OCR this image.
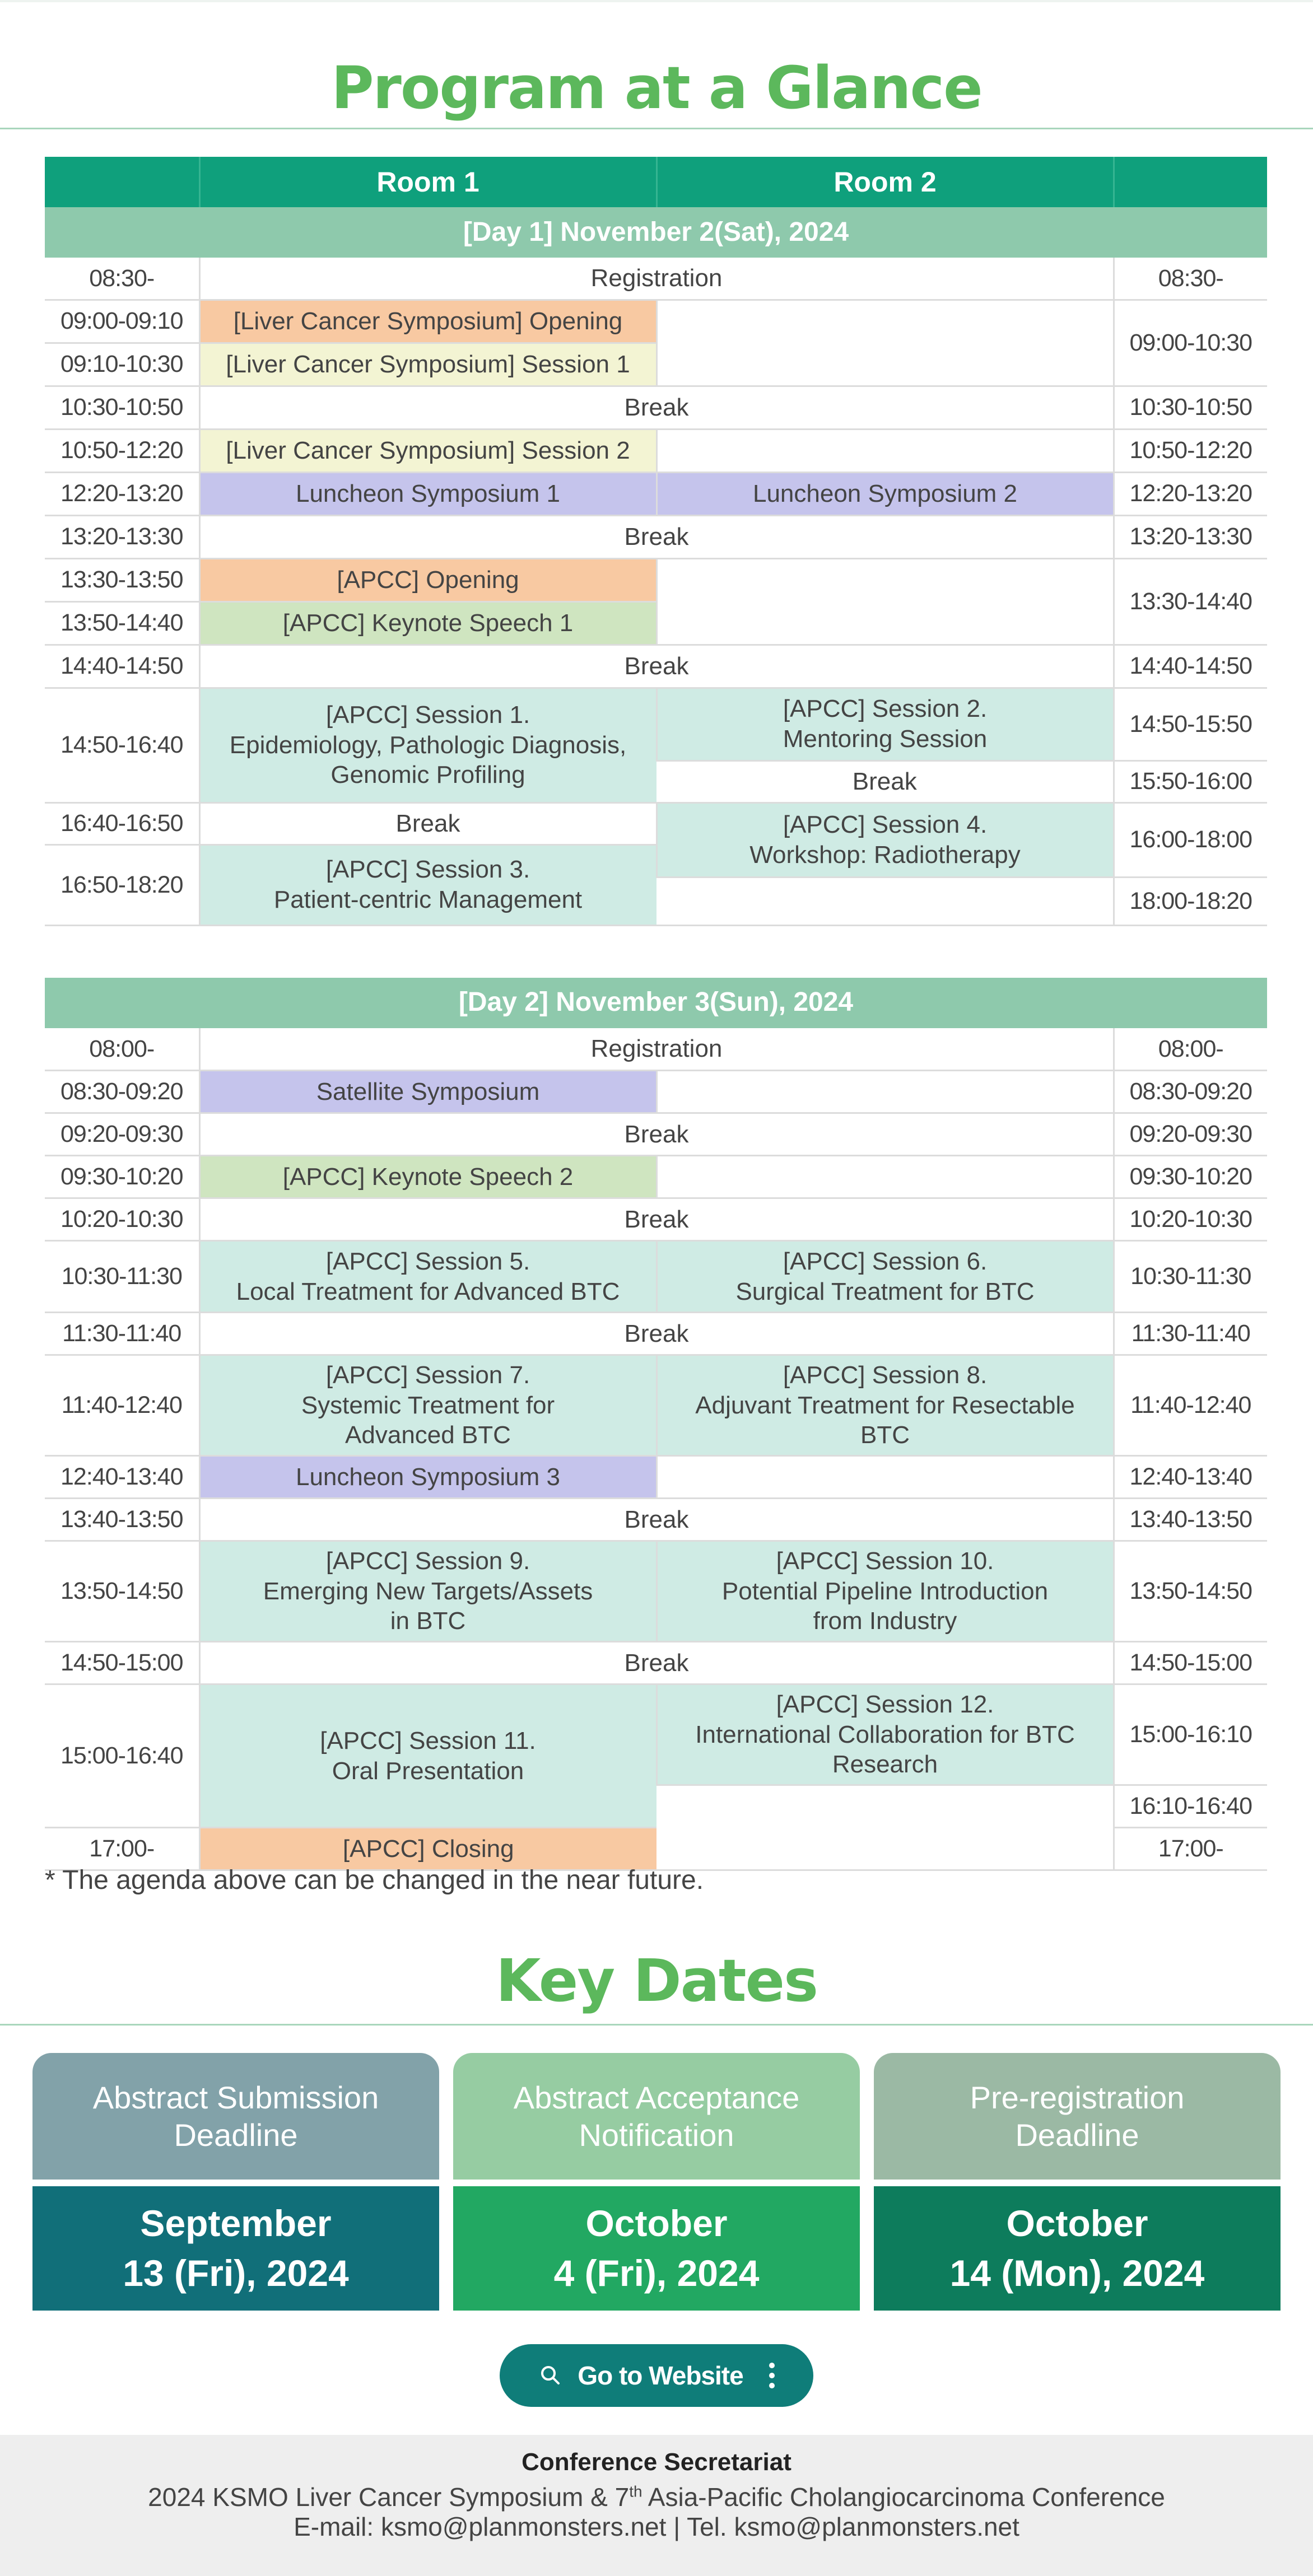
Program at a Glance
	Room 1	Room 2	
[Day 1] November 2(Sat), 2024			
08:30-	Registration		08:30-
09:00-09:10	[Liver Cancer Symposium] Opening		09:00-10:30
09:10-10:30	[Liver Cancer Symposium] Session 1		
10:30-10:50	Break		10:30-10:50
10:50-12:20	[Liver Cancer Symposium] Session 2		10:50-12:20
12:20-13:20	Luncheon Symposium 1	Luncheon Symposium 2	12:20-13:20
13:20-13:30	Break		13:20-13:30
13:30-13:50	[APCC] Opening		13:30-14:40
13:50-14:40	[APCC] Keynote Speech 1		
14:40-14:50	Break		14:40-14:50
14:50-16:40	[APCC] Session 1.
Epidemiology, Pathologic Diagnosis,
Genomic Profiling	[APCC] Session 2.
Mentoring Session	14:50-15:50
		Break	15:50-16:00
16:40-16:50	Break	[APCC] Session 4.
Workshop: Radiotherapy	16:00-18:00
16:50-18:20	[APCC] Session 3.
Patient-centric Management		
			18:00-18:20

[Day 2] November 3(Sun), 2024			
08:00-	Registration		08:00-
08:30-09:20	Satellite Symposium		08:30-09:20
09:20-09:30	Break		09:20-09:30
09:30-10:20	[APCC] Keynote Speech 2		09:30-10:20
10:20-10:30	Break		10:20-10:30
10:30-11:30	[APCC] Session 5.
Local Treatment for Advanced BTC	[APCC] Session 6.
Surgical Treatment for BTC	10:30-11:30
11:30-11:40	Break		11:30-11:40
11:40-12:40	[APCC] Session 7.
Systemic Treatment for
Advanced BTC	[APCC] Session 8.
Adjuvant Treatment for Resectable
BTC	11:40-12:40
12:40-13:40	Luncheon Symposium 3		12:40-13:40
13:40-13:50	Break		13:40-13:50
13:50-14:50	[APCC] Session 9.
Emerging New Targets/Assets
in BTC	[APCC] Session 10.
Potential Pipeline Introduction
from Industry	13:50-14:50
14:50-15:00	Break		14:50-15:00
15:00-16:40	[APCC] Session 11.
Oral Presentation	[APCC] Session 12.
International Collaboration for BTC
Research	15:00-16:10
			16:10-16:40
17:00-	[APCC] Closing		17:00-
* The agenda above can be changed in the near future.
Key Dates
Abstract Submission
Deadline
September
13 (Fri), 2024
Abstract Acceptance
Notification
October
4 (Fri), 2024
Pre-registration
Deadline
October
14 (Mon), 2024
Go to Website
Conference Secretariat
2024 KSMO Liver Cancer Symposium & 7th Asia-Pacific Cholangiocarcinoma Conference
E-mail: ksmo@planmonsters.net | Tel. ksmo@planmonsters.net
